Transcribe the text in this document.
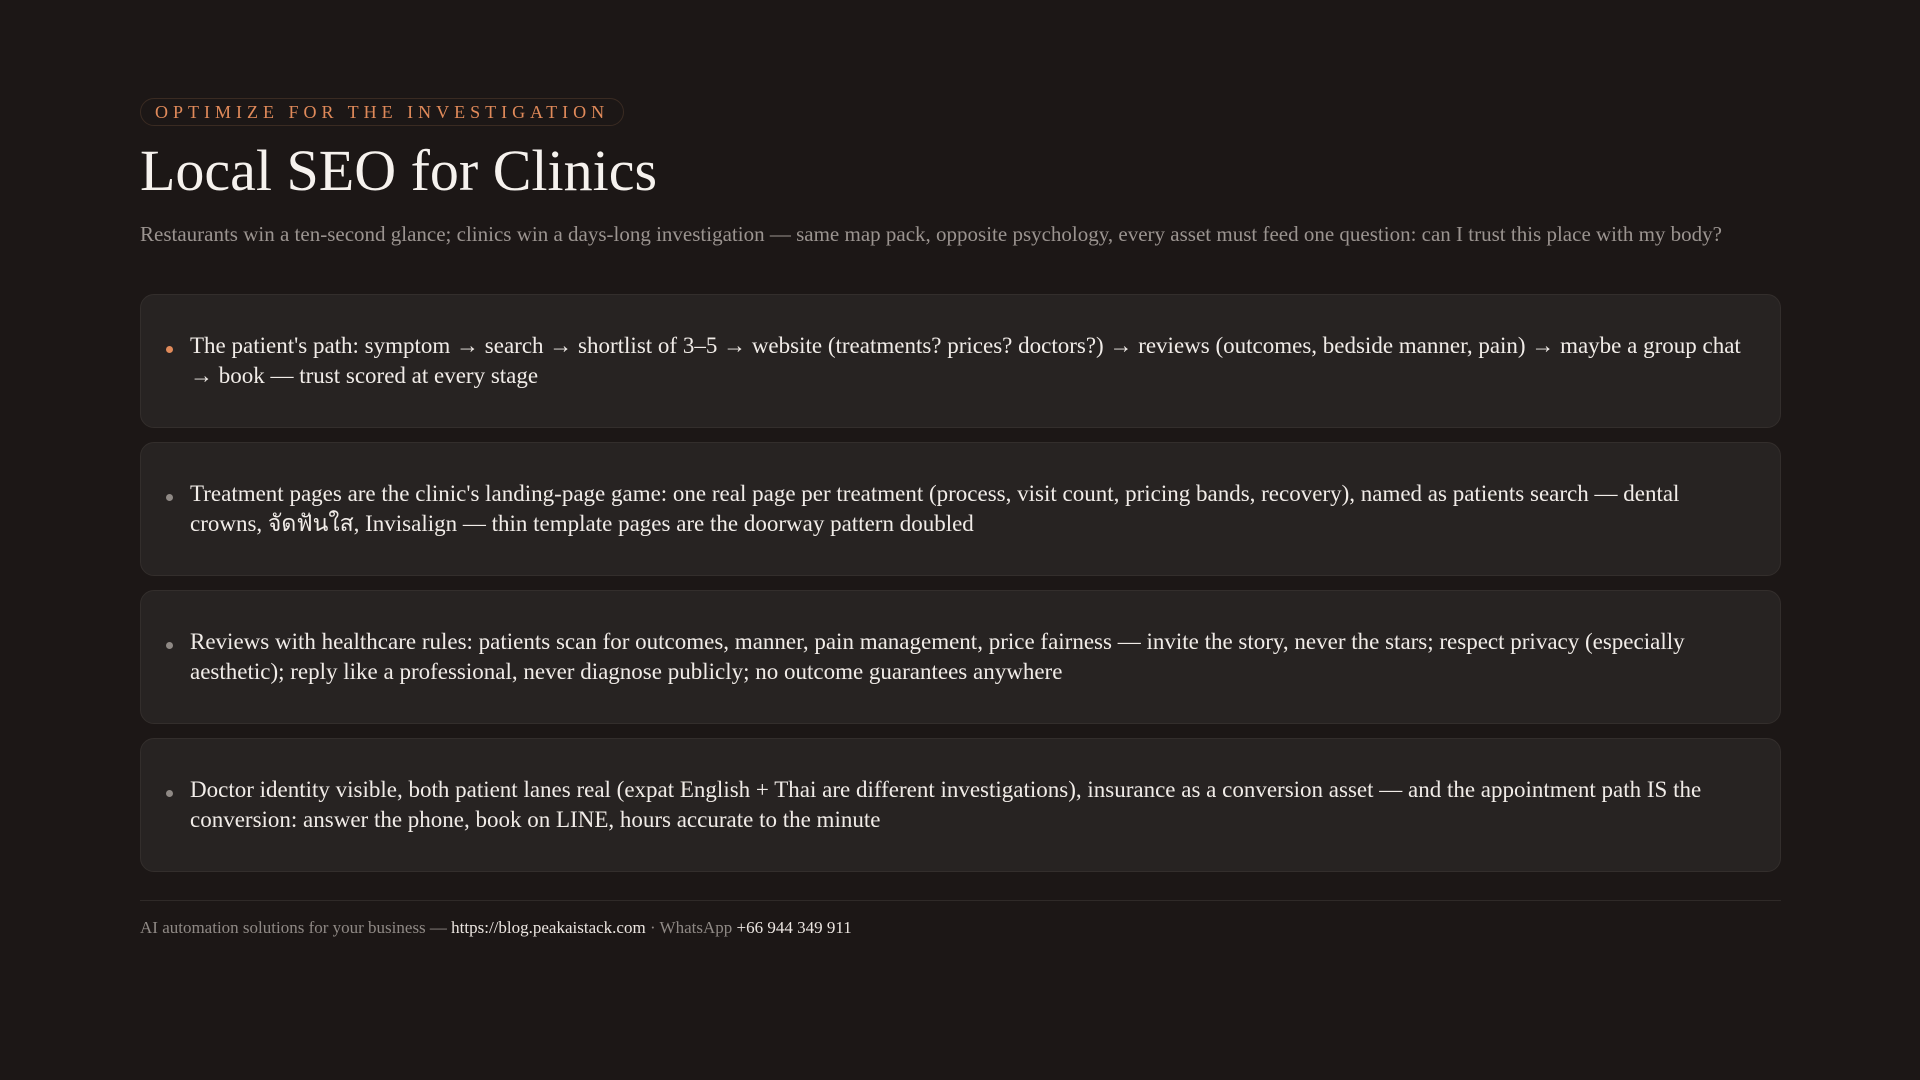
OPTIMIZE FOR THE INVESTIGATION
Local SEO for Clinics

Restaurants win a ten-second glance; clinics win a days-long investigation — same map pack, opposite psychology, every asset must feed one question: can I trust this place with my body?

The patient's path: symptom → search → shortlist of 3–5 → website (treatments? prices? doctors?) → reviews (outcomes, bedside manner, pain) → maybe a group chat → book — trust scored at every stage
Treatment pages are the clinic's landing-page game: one real page per treatment (process, visit count, pricing bands, recovery), named as patients search — dental crowns, จัดฟันใส, Invisalign — thin template pages are the doorway pattern doubled
Reviews with healthcare rules: patients scan for outcomes, manner, pain management, price fairness — invite the story, never the stars; respect privacy (especially aesthetic); reply like a professional, never diagnose publicly; no outcome guarantees anywhere
Doctor identity visible, both patient lanes real (expat English + Thai are different investigations), insurance as a conversion asset — and the appointment path IS the conversion: answer the phone, book on LINE, hours accurate to the minute
AI automation solutions for your business — https://blog.peakaistack.com · WhatsApp +66 944 349 911
